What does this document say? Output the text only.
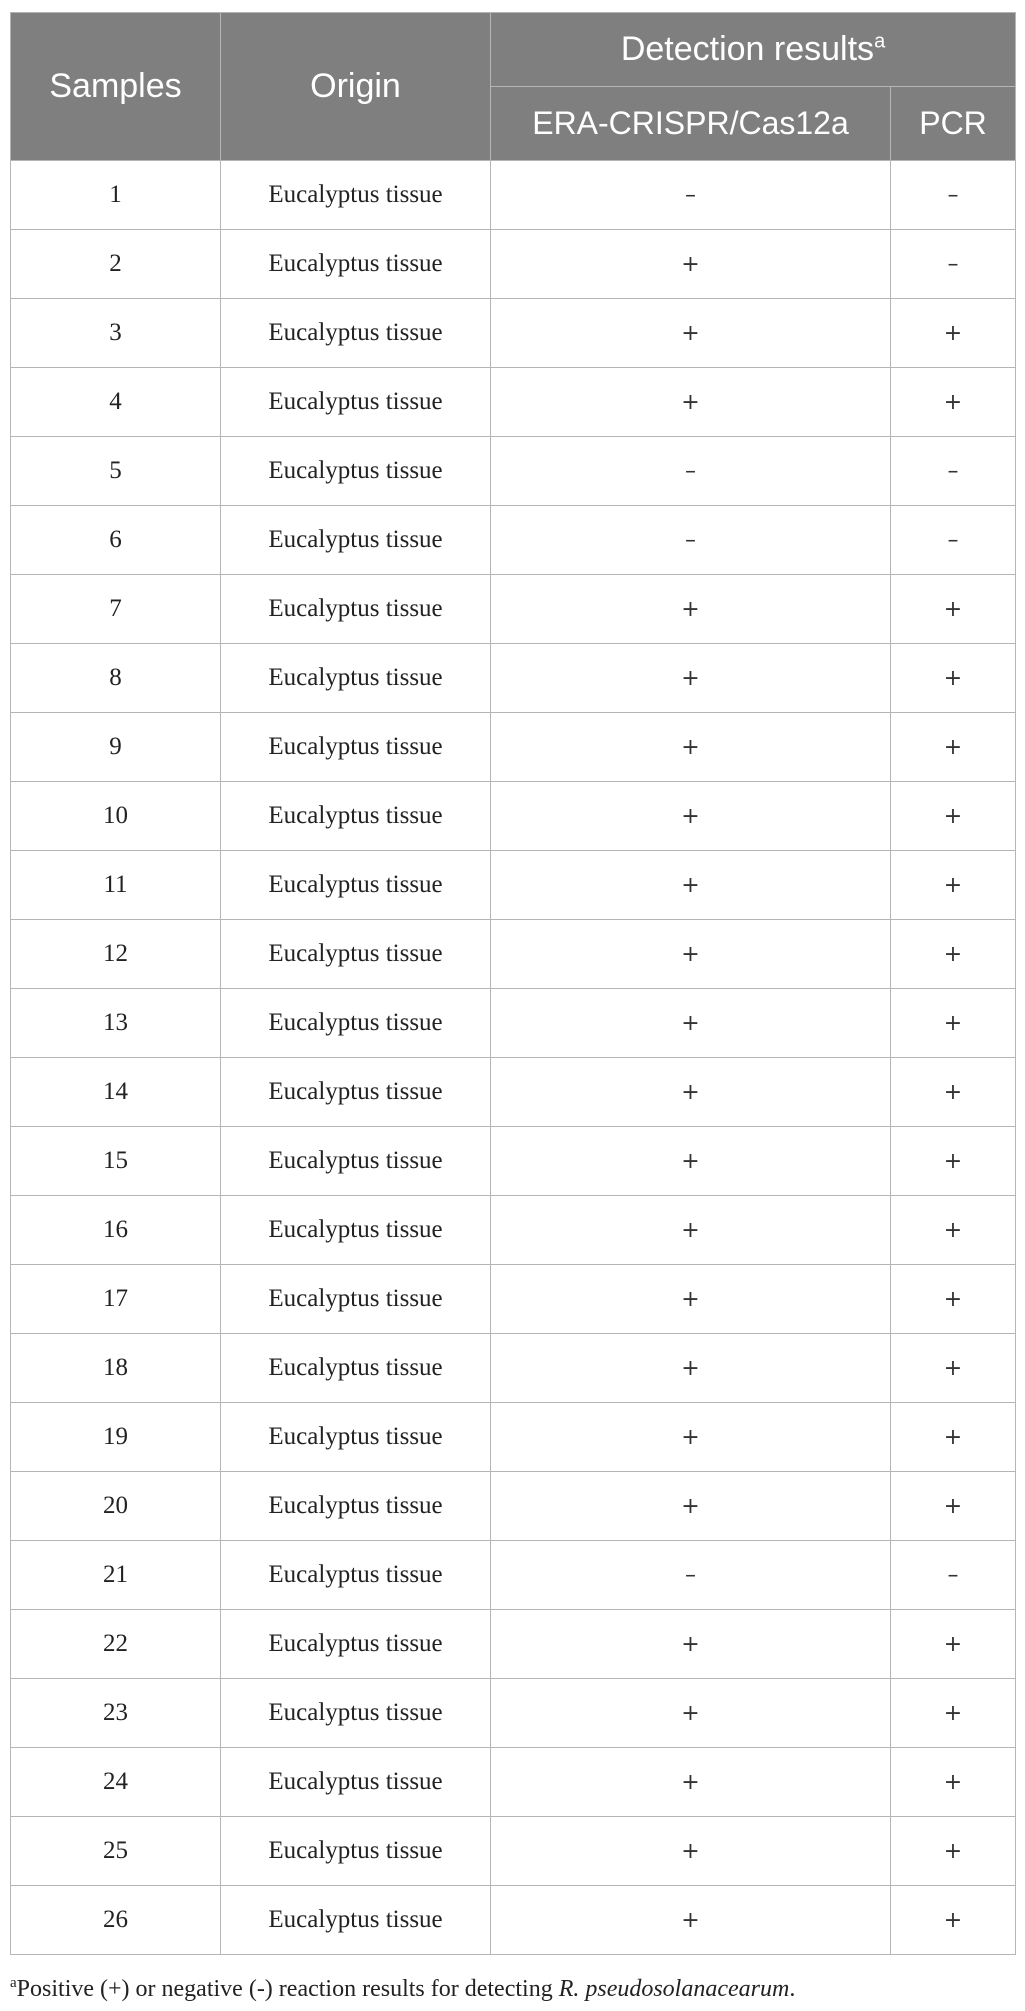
Samples	Origin	Detection results$^a$
		ERA-CRISPR/Cas12a	PCR
1	Eucalyptus tissue	–	–
2	Eucalyptus tissue	+	–
3	Eucalyptus tissue	+	+
4	Eucalyptus tissue	+	+
5	Eucalyptus tissue	–	–
6	Eucalyptus tissue	–	–
7	Eucalyptus tissue	+	+
8	Eucalyptus tissue	+	+
9	Eucalyptus tissue	+	+
10	Eucalyptus tissue	+	+
11	Eucalyptus tissue	+	+
12	Eucalyptus tissue	+	+
13	Eucalyptus tissue	+	+
14	Eucalyptus tissue	+	+
15	Eucalyptus tissue	+	+
16	Eucalyptus tissue	+	+
17	Eucalyptus tissue	+	+
18	Eucalyptus tissue	+	+
19	Eucalyptus tissue	+	+
20	Eucalyptus tissue	+	+
21	Eucalyptus tissue	–	–
22	Eucalyptus tissue	+	+
23	Eucalyptus tissue	+	+
24	Eucalyptus tissue	+	+
25	Eucalyptus tissue	+	+
26	Eucalyptus tissue	+	+
$^a$Positive (+) or negative (-) reaction results for detecting R. pseudosolanacearum.
